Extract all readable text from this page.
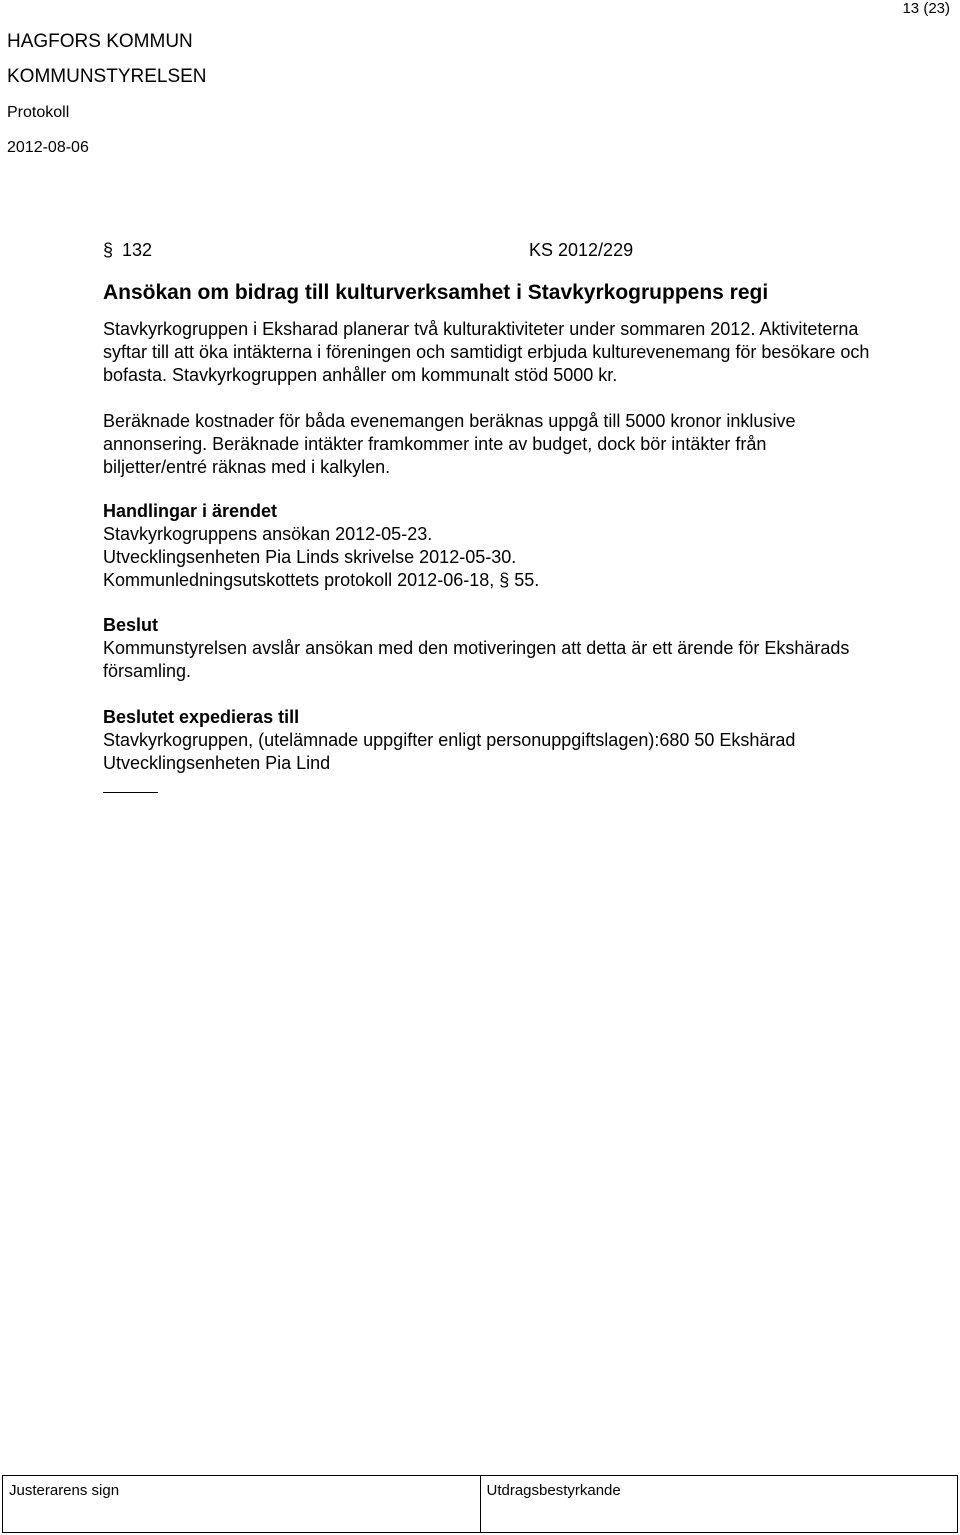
13 (23)
HAGFORS KOMMUN
KOMMUNSTYRELSEN
Protokoll
2012-08-06
§ 132	KS 2012/229
Ansökan om bidrag till kulturverksamhet i Stavkyrkogruppens regi
Stavkyrkogruppen i Eksharad planerar två kulturaktiviteter under sommaren 2012. Aktiviteterna
syftar till att öka intäkterna i föreningen och samtidigt erbjuda kulturevenemang för besökare och
bofasta. Stavkyrkogruppen anhåller om kommunalt stöd 5000 kr.
Beräknade kostnader för båda evenemangen beräknas uppgå till 5000 kronor inklusive
annonsering. Beräknade intäkter framkommer inte av budget, dock bör intäkter från
biljetter/entré räknas med i kalkylen.
Handlingar i ärendet
Stavkyrkogruppens ansökan 2012-05-23.
Utvecklingsenheten Pia Linds skrivelse 2012-05-30.
Kommunledningsutskottets protokoll 2012-06-18, § 55.
Beslut
Kommunstyrelsen avslår ansökan med den motiveringen att detta är ett ärende för Ekshärads
församling.
Beslutet expedieras till
Stavkyrkogruppen, (utelämnade uppgifter enligt personuppgiftslagen):680 50 Ekshärad
Utvecklingsenheten Pia Lind
Justerarens sign	Utdragsbestyrkande
